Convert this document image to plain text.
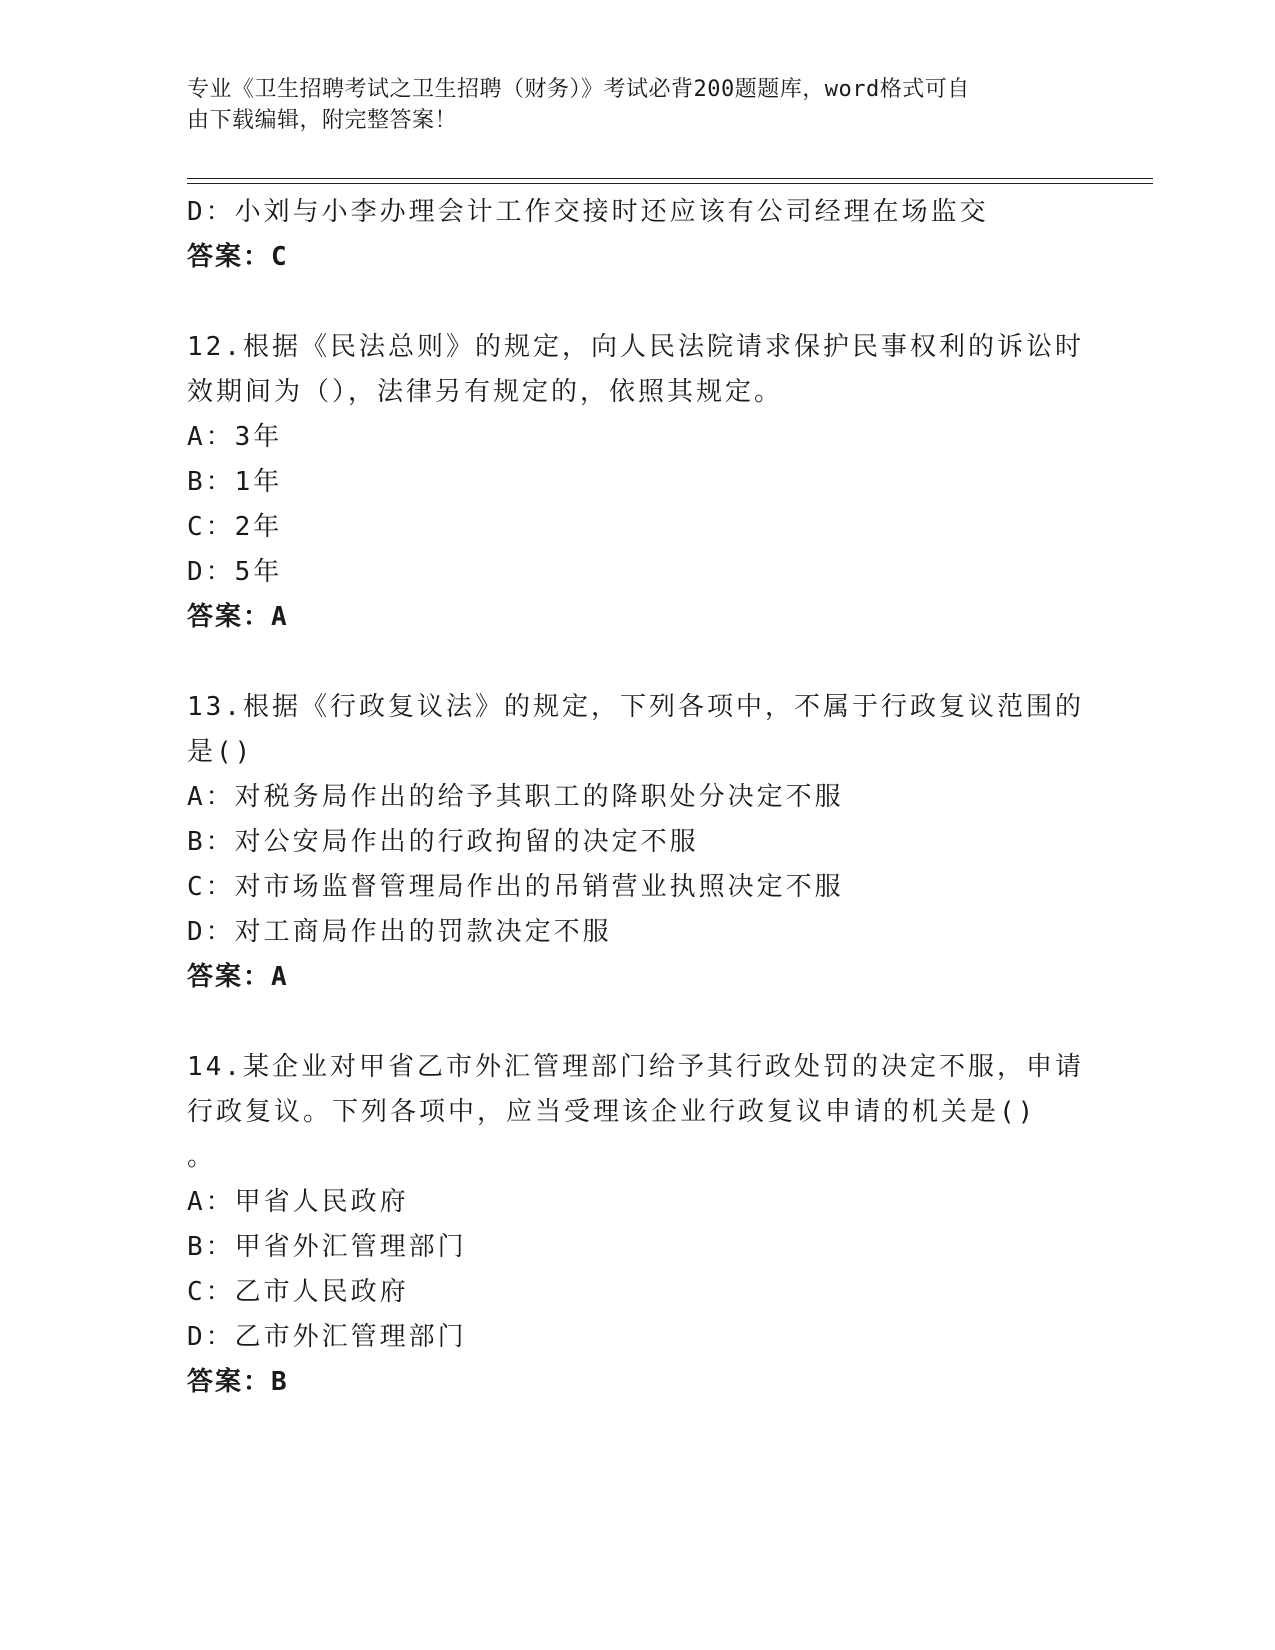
专业《卫生招聘考试之卫生招聘（财务）》考试必背200题题库，word格式可自
由下载编辑，附完整答案！
D：小刘与小李办理会计工作交接时还应该有公司经理在场监交
答案：C
12.根据《民法总则》的规定，向人民法院请求保护民事权利的诉讼时
效期间为（），法律另有规定的，依照其规定。
A：3年
B：1年
C：2年
D：5年
答案：A
13.根据《行政复议法》的规定，下列各项中，不属于行政复议范围的
是()
A：对税务局作出的给予其职工的降职处分决定不服
B：对公安局作出的行政拘留的决定不服
C：对市场监督管理局作出的吊销营业执照决定不服
D：对工商局作出的罚款决定不服
答案：A
14.某企业对甲省乙市外汇管理部门给予其行政处罚的决定不服，申请
行政复议。下列各项中，应当受理该企业行政复议申请的机关是()
。
A：甲省人民政府
B：甲省外汇管理部门
C：乙市人民政府
D：乙市外汇管理部门
答案：B
